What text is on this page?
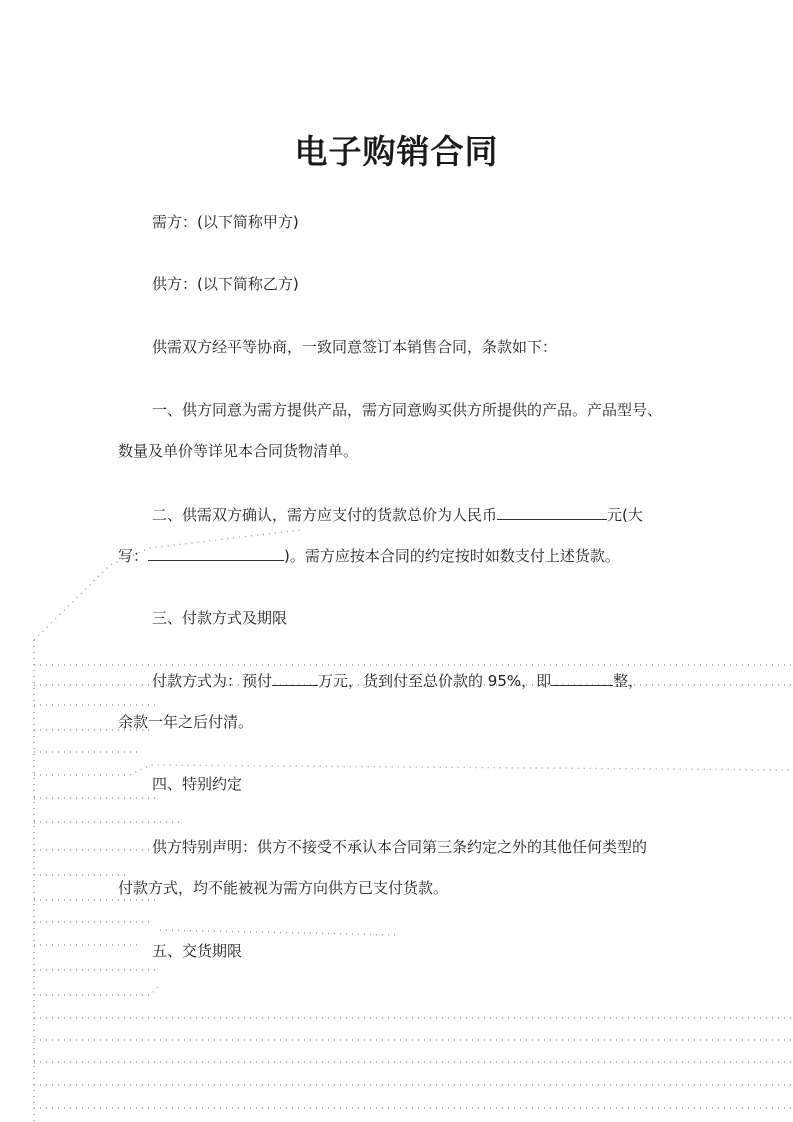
电子购销合同
需方：(以下简称甲方)
供方：(以下简称乙方)
供需双方经平等协商，一致同意签订本销售合同，条款如下：
一、供方同意为需方提供产品，需方同意购买供方所提供的产品。产品型号、
数量及单价等详见本合同货物清单。
二、供需双方确认，需方应支付的货款总价为人民币	元(大
写：	)。需方应按本合同的约定按时如数支付上述货款。
三、付款方式及期限
付款方式为：预付	万元，货到付至总价款的 95%，即	整，
余款一年之后付清。
四、特别约定
供方特别声明：供方不接受不承认本合同第三条约定之外的其他任何类型的
付款方式，均不能被视为需方向供方已支付货款。
五、交货期限
